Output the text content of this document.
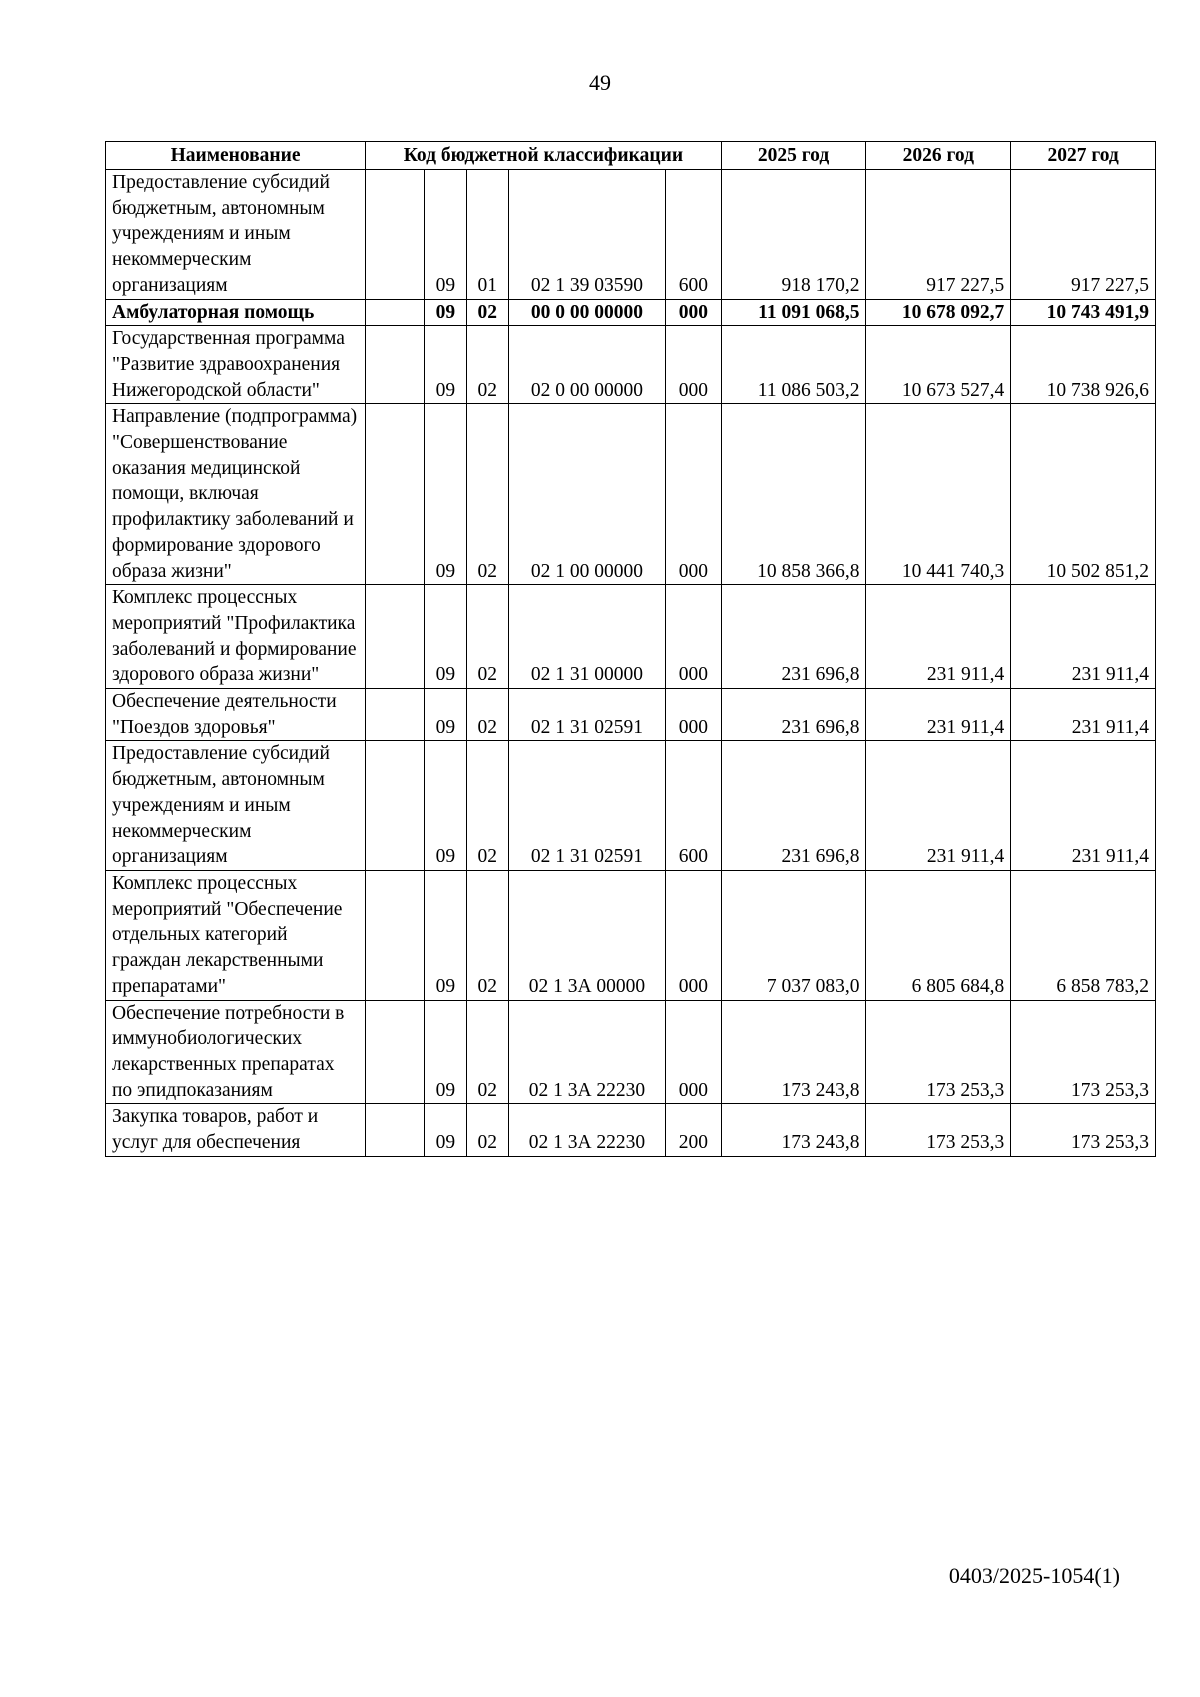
49
Наименование	Код бюджетной классификации					2025 год	2026 год	2027 год
Предоставление субсидий бюджетным, автономным учреждениям и иным некоммерческим организациям		09	01	02 1 39 03590	600	918 170,2	917 227,5	917 227,5
Амбулаторная помощь		09	02	00 0 00 00000	000	11 091 068,5	10 678 092,7	10 743 491,9
Государственная программа "Развитие здравоохранения Нижегородской области"		09	02	02 0 00 00000	000	11 086 503,2	10 673 527,4	10 738 926,6
Направление (подпрограмма) "Совершенствование оказания медицинской помощи, включая профилактику заболеваний и формирование здорового образа жизни"		09	02	02 1 00 00000	000	10 858 366,8	10 441 740,3	10 502 851,2
Комплекс процессных мероприятий "Профилактика заболеваний и формирование здорового образа жизни"		09	02	02 1 31 00000	000	231 696,8	231 911,4	231 911,4
Обеспечение деятельности "Поездов здоровья"		09	02	02 1 31 02591	000	231 696,8	231 911,4	231 911,4
Предоставление субсидий бюджетным, автономным учреждениям и иным некоммерческим организациям		09	02	02 1 31 02591	600	231 696,8	231 911,4	231 911,4
Комплекс процессных мероприятий "Обеспечение отдельных категорий граждан лекарственными препаратами"		09	02	02 1 3А 00000	000	7 037 083,0	6 805 684,8	6 858 783,2
Обеспечение потребности в иммунобиологических лекарственных препаратах по эпидпоказаниям		09	02	02 1 3А 22230	000	173 243,8	173 253,3	173 253,3
Закупка товаров, работ и услуг для обеспечения		09	02	02 1 3А 22230	200	173 243,8	173 253,3	173 253,3
0403/2025-1054(1)
